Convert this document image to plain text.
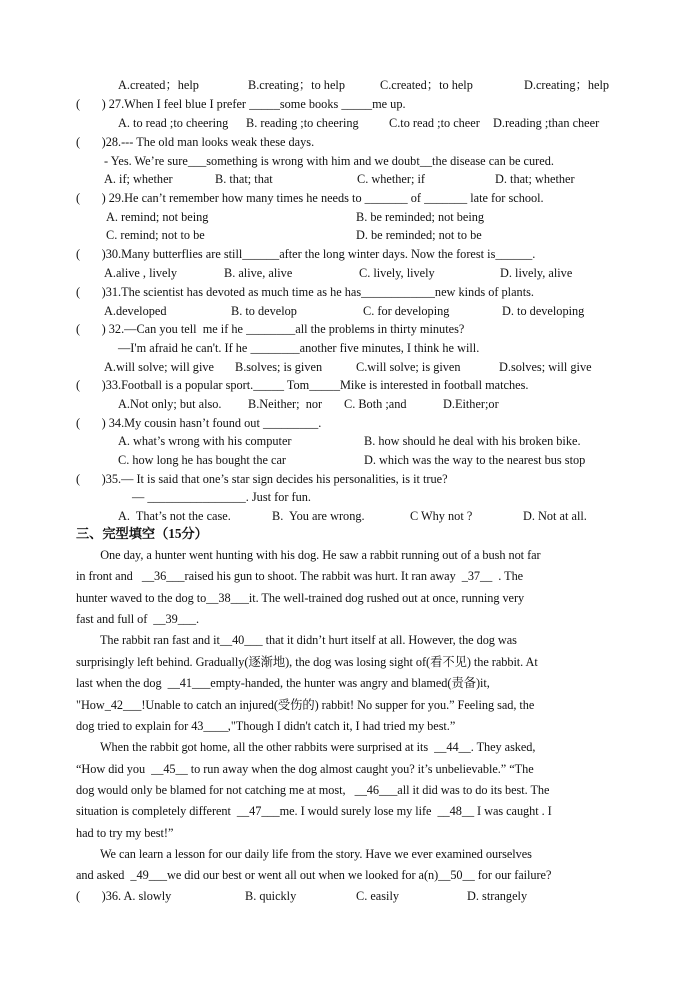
A.created；help	B.creating；to help	C.created；to help	D.creating；help
(       ) 27.When I feel blue I prefer _____some books _____me up.
A. to read ;to cheering B. reading ;to cheering C.to read ;to cheer D.reading ;than cheer
(       )28.--- The old man looks weak these days.
- Yes. We’re sure___something is wrong with him and we doubt__the disease can be cured.
A. if; whether	B. that; that	C. whether; if	D. that; whether
(       ) 29.He can’t remember how many times he needs to _______ of _______ late for school.
A. remind; not being	B. be reminded; not being
C. remind; not to be	D. be reminded; not to be
(       )30.Many butterflies are still______after the long winter days. Now the forest is______.
A.alive , lively	B. alive, alive	C. lively, lively	D. lively, alive
(       )31.The scientist has devoted as much time as he has____________new kinds of plants.
A.developed	B. to develop	C. for developing	D. to developing
(       ) 32.—Can you tell  me if he ________all the problems in thirty minutes?
—I'm afraid he can't. If he ________another five minutes, I think he will.
A.will solve; will give B.solves; is given	C.will solve; is given	D.solves; will give
(       )33.Football is a popular sport._____ Tom_____Mike is interested in football matches.
A.Not only; but also. B.Neither;  nor C. Both ;and	D.Either;or
(       ) 34.My cousin hasn’t found out _________.
A. what’s wrong with his computer	B. how should he deal with his broken bike.
C. how long he has bought the car	D. which was the way to the nearest bus stop
(       )35.— It is said that one’s star sign decides his personalities, is it true?
— ________________. Just for fun.
A.  That’s not the case.	B.  You are wrong.	C Why not ?	D. Not at all.
三、完型填空（15分）
One day, a hunter went hunting with his dog. He saw a rabbit running out of a bush not far
in front and   __36___raised his gun to shoot. The rabbit was hurt. It ran away  _37__  . The
hunter waved to the dog to__38___it. The well-trained dog rushed out at once, running very
fast and full of  __39___.
The rabbit ran fast and it__40___ that it didn’t hurt itself at all. However, the dog was
surprisingly left behind. Gradually(逐渐地), the dog was losing sight of(看不见) the rabbit. At
last when the dog  __41___empty-handed, the hunter was angry and blamed(责备)it,
"How_42___!Unable to catch an injured(受伤的) rabbit! No supper for you.” Feeling sad, the
dog tried to explain for 43____,"Though I didn't catch it, I had tried my best.”
When the rabbit got home, all the other rabbits were surprised at its  __44__. They asked,
“How did you  __45__ to run away when the dog almost caught you? it’s unbelievable.” “The
dog would only be blamed for not catching me at most,   __46___all it did was to do its best. The
situation is completely different  __47___me. I would surely lose my life  __48__ I was caught . I
had to try my best!”
We can learn a lesson for our daily life from the story. Have we ever examined ourselves
and asked  _49___we did our best or went all out when we looked for a(n)__50__ for our failure?
(       )36. A. slowly	B. quickly	C. easily	D. strangely
